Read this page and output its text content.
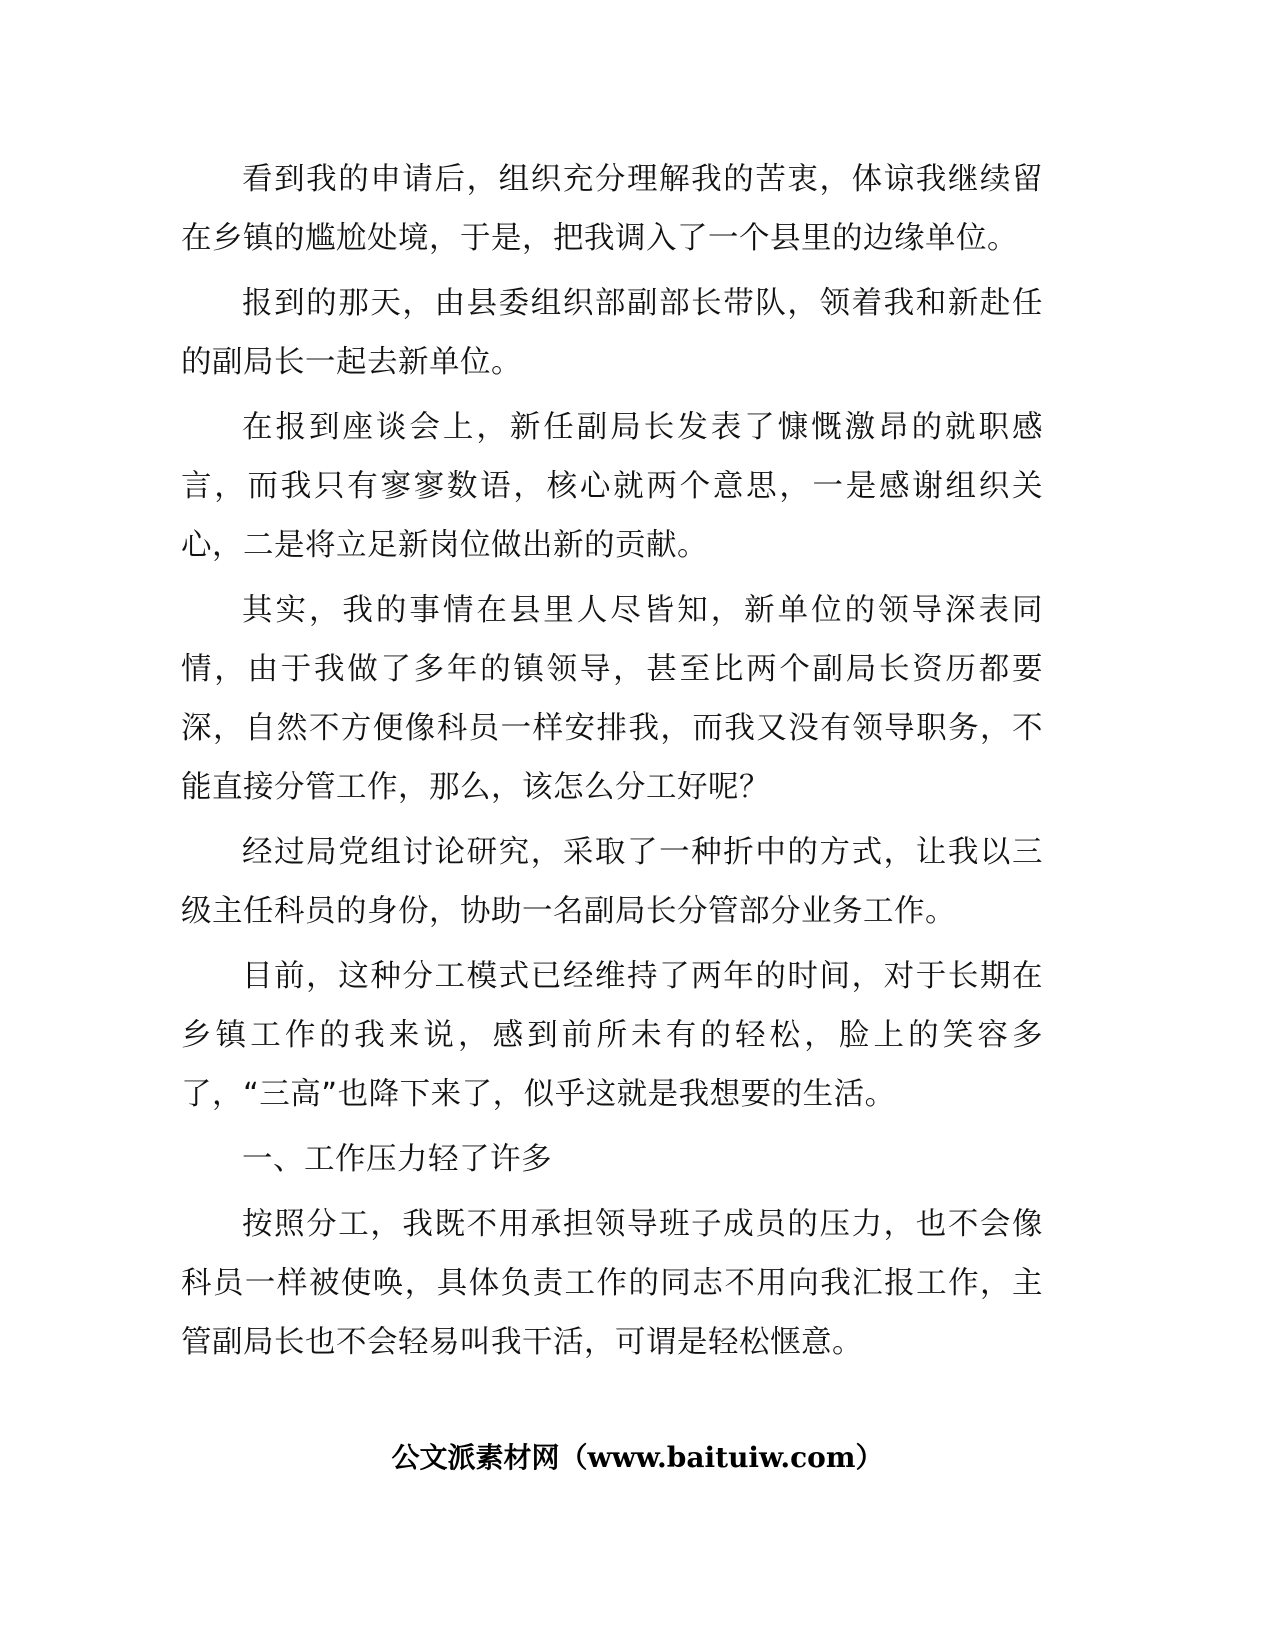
看到我的申请后，组织充分理解我的苦衷，体谅我继续留在乡镇的尴尬处境，于是，把我调入了一个县里的边缘单位。

报到的那天，由县委组织部副部长带队，领着我和新赴任的副局长一起去新单位。

在报到座谈会上，新任副局长发表了慷慨激昂的就职感言，而我只有寥寥数语，核心就两个意思，一是感谢组织关心，二是将立足新岗位做出新的贡献。

其实，我的事情在县里人尽皆知，新单位的领导深表同情，由于我做了多年的镇领导，甚至比两个副局长资历都要深，自然不方便像科员一样安排我，而我又没有领导职务，不能直接分管工作，那么，该怎么分工好呢？

经过局党组讨论研究，采取了一种折中的方式，让我以三级主任科员的身份，协助一名副局长分管部分业务工作。

目前，这种分工模式已经维持了两年的时间，对于长期在乡镇工作的我来说，感到前所未有的轻松，脸上的笑容多了，“三高”也降下来了，似乎这就是我想要的生活。

一、工作压力轻了许多

按照分工，我既不用承担领导班子成员的压力，也不会像科员一样被使唤，具体负责工作的同志不用向我汇报工作，主管副局长也不会轻易叫我干活，可谓是轻松惬意。

公文派素材网（www.baituiw.com）
